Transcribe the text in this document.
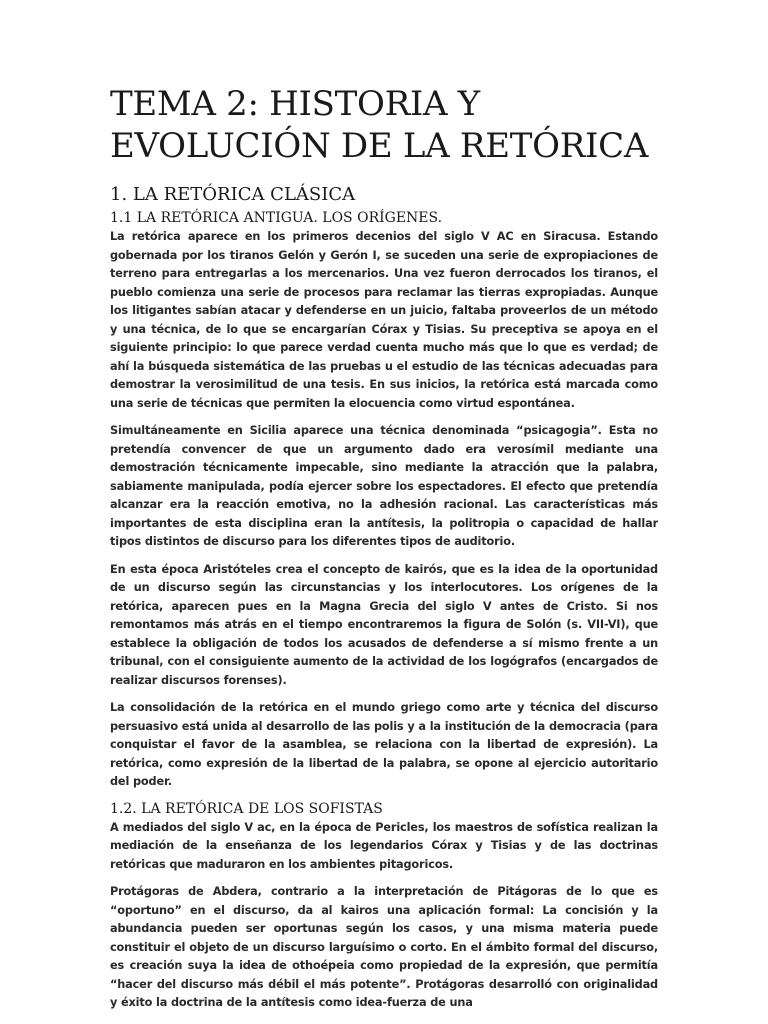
TEMA 2: HISTORIA Y EVOLUCIÓN DE LA RETÓRICA
1. LA RETÓRICA CLÁSICA
1.1 LA RETÓRICA ANTIGUA. LOS ORÍGENES.

La retórica aparece en los primeros decenios del siglo V AC en Siracusa. Estando gobernada por los tiranos Gelón y Gerón I, se suceden una serie de expropiaciones de terreno para entregarlas a los mercenarios. Una vez fueron derrocados los tiranos, el pueblo comienza una serie de procesos para reclamar las tierras expropiadas. Aunque los litigantes sabían atacar y defenderse en un juicio, faltaba proveerlos de un método y una técnica, de lo que se encargarían Córax y Tisias. Su preceptiva se apoya en el siguiente principio: lo que parece verdad cuenta mucho más que lo que es verdad; de ahí la búsqueda sistemática de las pruebas u el estudio de las técnicas adecuadas para demostrar la verosimilitud de una tesis. En sus inicios, la retórica está marcada como una serie de técnicas que permiten la elocuencia como virtud espontánea.

Simultáneamente en Sicilia aparece una técnica denominada “psicagogia”. Esta no pretendía convencer de que un argumento dado era verosímil mediante una demostración técnicamente impecable, sino mediante la atracción que la palabra, sabiamente manipulada, podía ejercer sobre los espectadores. El efecto que pretendía alcanzar era la reacción emotiva, no la adhesión racional. Las características más importantes de esta disciplina eran la antítesis, la politropia o capacidad de hallar tipos distintos de discurso para los diferentes tipos de auditorio.

En esta época Aristóteles crea el concepto de kairós, que es la idea de la oportunidad de un discurso según las circunstancias y los interlocutores. Los orígenes de la retórica, aparecen pues en la Magna Grecia del siglo V antes de Cristo. Si nos remontamos más atrás en el tiempo encontraremos la figura de Solón (s. VII-VI), que establece la obligación de todos los acusados de defenderse a sí mismo frente a un tribunal, con el consiguiente aumento de la actividad de los logógrafos (encargados de realizar discursos forenses).

La consolidación de la retórica en el mundo griego como arte y técnica del discurso persuasivo está unida al desarrollo de las polis y a la institución de la democracia (para conquistar el favor de la asamblea, se relaciona con la libertad de expresión). La retórica, como expresión de la libertad de la palabra, se opone al ejercicio autoritario del poder.

1.2. LA RETÓRICA DE LOS SOFISTAS

A mediados del siglo V ac, en la época de Pericles, los maestros de sofística realizan la mediación de la enseñanza de los legendarios Córax y Tisias y de las doctrinas retóricas que maduraron en los ambientes pitagoricos.

Protágoras de Abdera, contrario a la interpretación de Pitágoras de lo que es “oportuno” en el discurso, da al kairos una aplicación formal: La concisión y la abundancia pueden ser oportunas según los casos, y una misma materia puede constituir el objeto de un discurso larguísimo o corto. En el ámbito formal del discurso, es creación suya la idea de othoépeia como propiedad de la expresión, que permitía “hacer del discurso más débil el más potente”. Protágoras desarrolló con originalidad y éxito la doctrina de la antítesis como idea-fuerza de una
